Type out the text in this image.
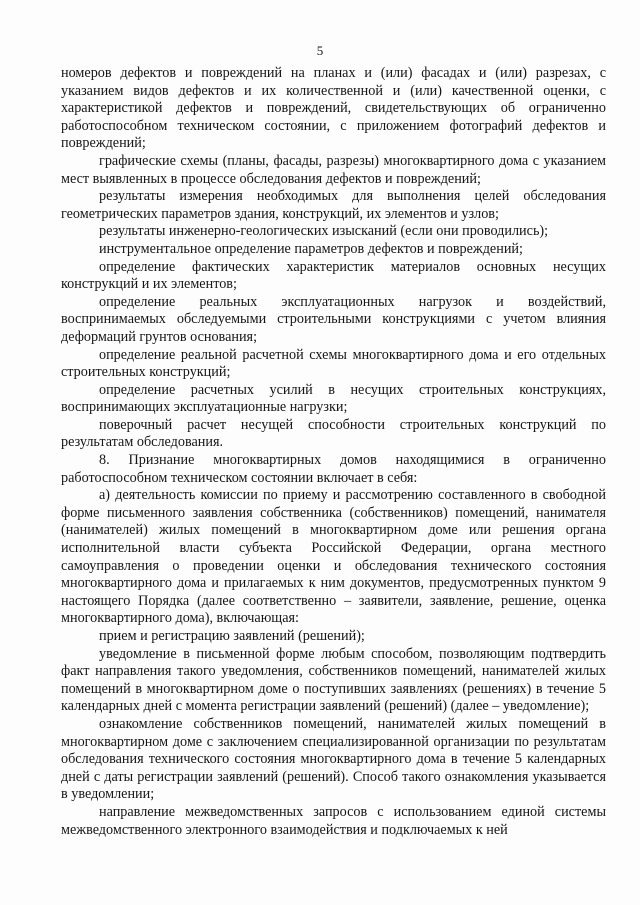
5

номеров дефектов и повреждений на планах и (или) фасадах и (или) разрезах, с указанием видов дефектов и их количественной и (или) качественной оценки, с характеристикой дефектов и повреждений, свидетельствующих об ограниченно работоспособном техническом состоянии, с приложением фотографий дефектов и повреждений;

графические схемы (планы, фасады, разрезы) многоквартирного дома с указанием мест выявленных в процессе обследования дефектов и повреждений;

результаты измерения необходимых для выполнения целей обследования геометрических параметров здания, конструкций, их элементов и узлов;

результаты инженерно-геологических изысканий (если они проводились);

инструментальное определение параметров дефектов и повреждений;

определение фактических характеристик материалов основных несущих конструкций и их элементов;

определение реальных эксплуатационных нагрузок и воздействий, воспринимаемых обследуемыми строительными конструкциями с учетом влияния деформаций грунтов основания;

определение реальной расчетной схемы многоквартирного дома и его отдельных строительных конструкций;

определение расчетных усилий в несущих строительных конструкциях, воспринимающих эксплуатационные нагрузки;

поверочный расчет несущей способности строительных конструкций по результатам обследования.

8. Признание многоквартирных домов находящимися в ограниченно работоспособном техническом состоянии включает в себя:

а) деятельность комиссии по приему и рассмотрению составленного в свободной форме письменного заявления собственника (собственников) помещений, нанимателя (нанимателей) жилых помещений в многоквартирном доме или решения органа исполнительной власти субъекта Российской Федерации, органа местного самоуправления о проведении оценки и обследования технического состояния многоквартирного дома и прилагаемых к ним документов, предусмотренных пунктом 9 настоящего Порядка (далее соответственно – заявители, заявление, решение, оценка многоквартирного дома), включающая:

прием и регистрацию заявлений (решений);

уведомление в письменной форме любым способом, позволяющим подтвердить факт направления такого уведомления, собственников помещений, нанимателей жилых помещений в многоквартирном доме о поступивших заявлениях (решениях) в течение 5 календарных дней с момента регистрации заявлений (решений) (далее – уведомление);

ознакомление собственников помещений, нанимателей жилых помещений в многоквартирном доме с заключением специализированной организации по результатам обследования технического состояния многоквартирного дома в течение 5 календарных дней с даты регистрации заявлений (решений). Способ такого ознакомления указывается в уведомлении;

направление межведомственных запросов с использованием единой системы межведомственного электронного взаимодействия и подключаемых к ней
